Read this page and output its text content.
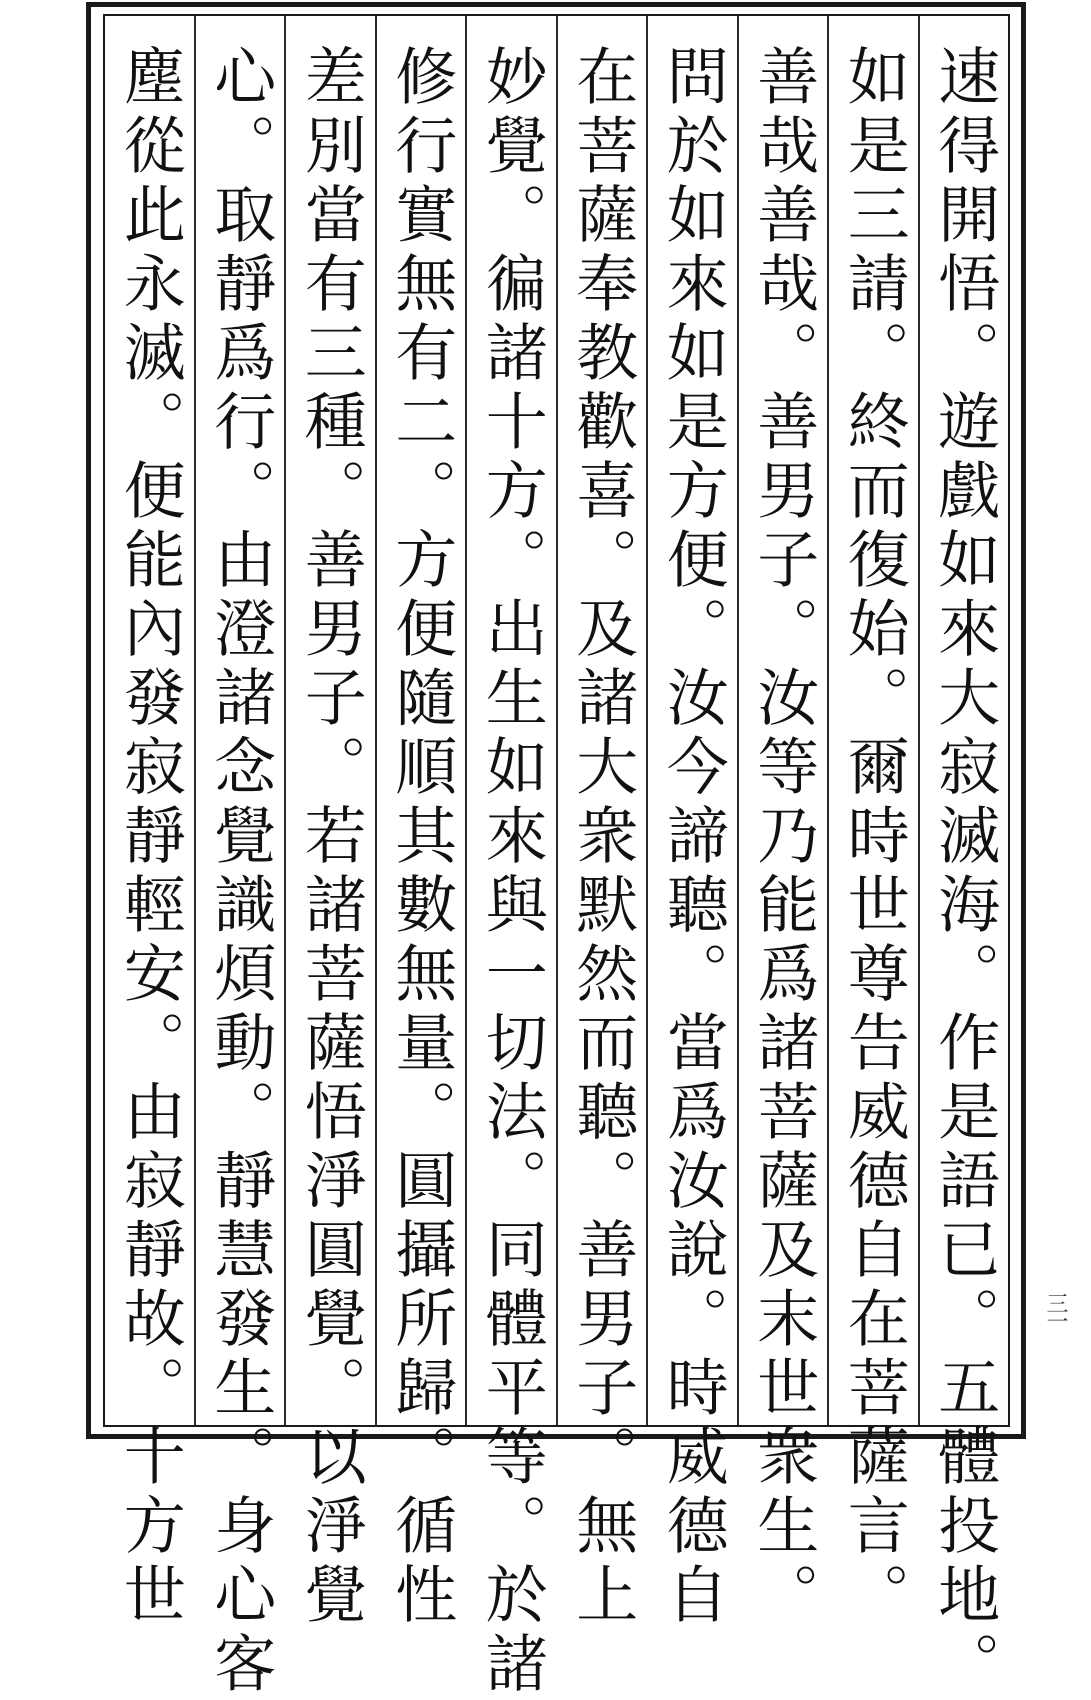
速得開悟。遊戲如來大寂滅海。作是語已。五體投地。
如是三請。終而復始。爾時世尊告威德自在菩薩言。
善哉善哉。善男子。汝等乃能爲諸菩薩及末世衆生。
問於如來如是方便。汝今諦聽。當爲汝說。時威德自
在菩薩奉教歡喜。及諸大衆默然而聽。善男子。無上
妙覺。徧諸十方。出生如來與一切法。同體平等。於諸
修行實無有二。方便隨順其數無量。圓攝所歸。循性
差別當有三種。善男子。若諸菩薩悟淨圓覺。以淨覺
心。取靜爲行。由澄諸念覺識煩動。靜慧發生。身心客
塵從此永滅。便能內發寂靜輕安。由寂靜故。十方世	三一
